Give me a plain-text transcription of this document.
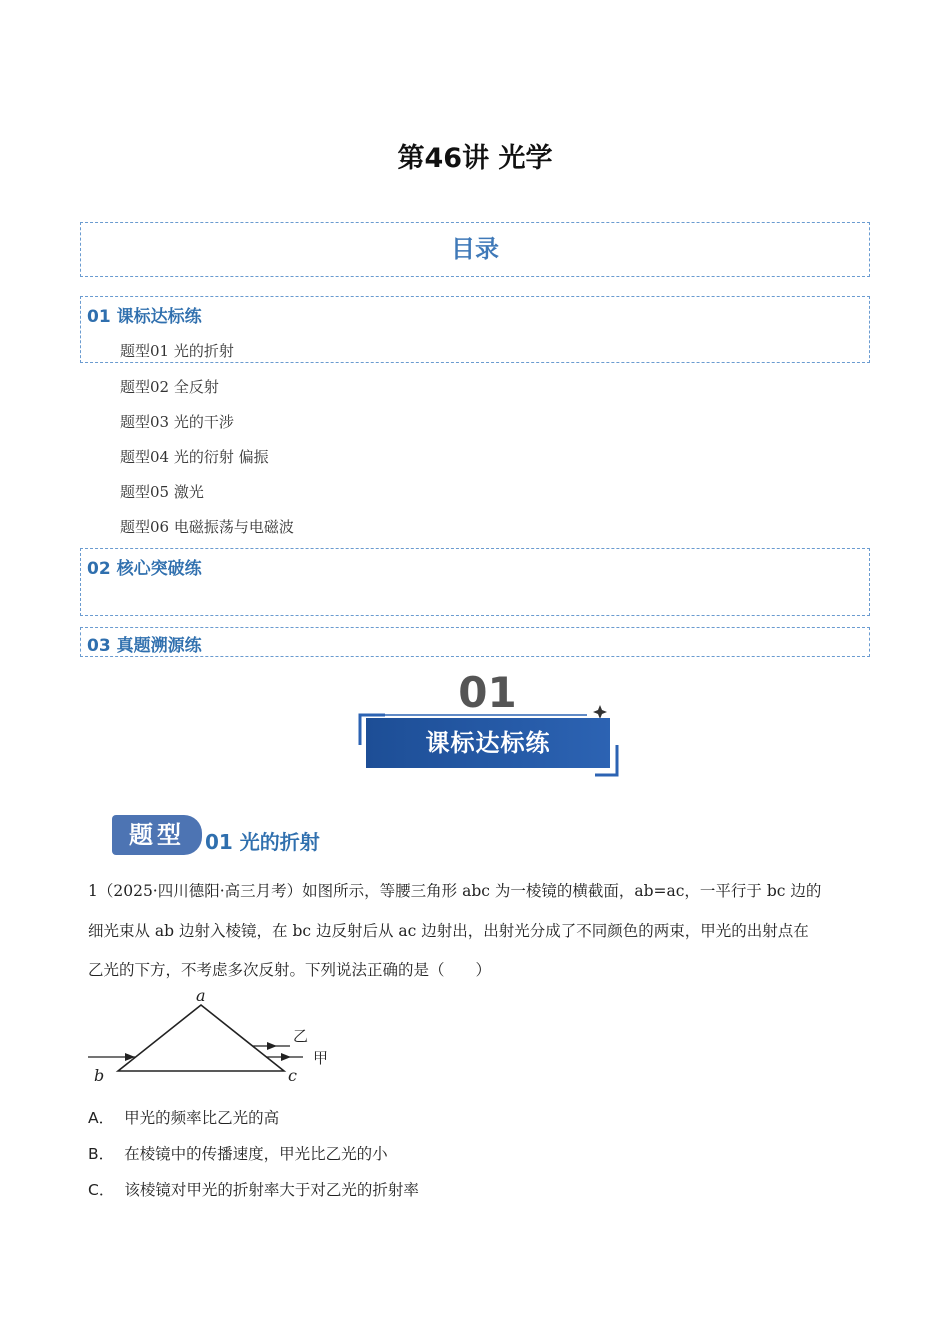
第46讲 光学
目录
01 课标达标练
题型01 光的折射
题型02 全反射
题型03 光的干涉
题型04 光的衍射 偏振
题型05 激光
题型06 电磁振荡与电磁波
02 核心突破练
03 真题溯源练
01
课标达标练
题型	01 光的折射
1（2025·四川德阳·高三月考）如图所示，等腰三角形 abc 为一棱镜的横截面，ab=ac，一平行于 bc 边的
细光束从 ab 边射入棱镜，在 bc 边反射后从 ac 边射出，出射光分成了不同颜色的两束，甲光的出射点在
乙光的下方，不考虑多次反射。下列说法正确的是（　　）
a
b	c
乙
甲
A． 甲光的频率比乙光的高
B． 在棱镜中的传播速度，甲光比乙光的小
C． 该棱镜对甲光的折射率大于对乙光的折射率
